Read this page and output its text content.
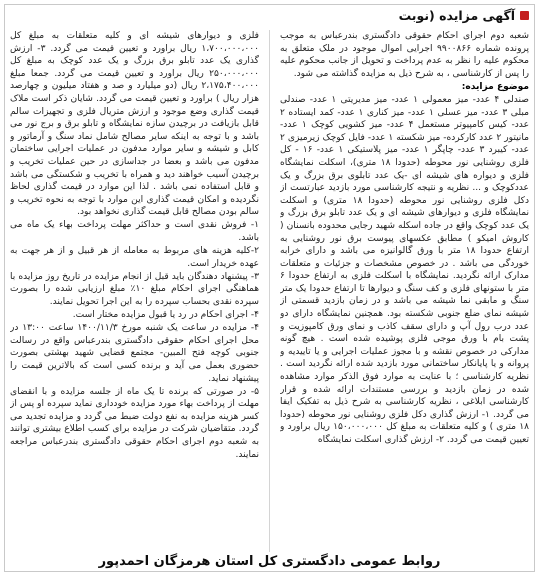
آگهی مزایده (نوبت

شعبه دوم اجرای احکام حقوقی دادگستری بندرعباس به موجب پرونده شماره ۹۹۰۰۸۶۶ اجرایی اموال موجود در ملک متعلق به محکوم علیه را نظر به عدم پرداخت و تحویل از جانب محکوم علیه را پس از کارشناسی ، به شرح ذیل به مزایده گذاشته می شود.

موضوع مزایده:

صندلی ۴ عدد- میز معمولی ۱ عدد- میز مدیریتی ۱ عدد- صندلی مبلی ۳ عدد- میز عسلی ۱ عدد- میز کناری ۱ عدد- کمد ایستاده ۲ عدد- کیس کامپیوتر مستعمل ۴ عدد- میز کشویی کوچک ۱ عدد- مانیتور ۲ عدد کارکرده- میز شکسته ۱ عدد- فایل کوچک زیرمیزی ۲ عدد- کیبرد ۳ عدد- چاپگر ۱ عدد- میز پلاستیکی ۱ عدد- ۱۶ - کل فلزی روشنایی نور محوطه (حدودا ۱۸ متری)، اسکلت نمایشگاه فلزی و دیواره های شیشه ای -یک عدد تابلوی برق بزرگ و یک عددکوچک و ... نظریه و نتیجه کارشناسی مورد بازدید عبارتست از دکل فلزی روشنایی نور محوطه (حدودا ۱۸ متری) و اسکلت نمایشگاه فلزی و دیوارهای شیشه ای و یک عدد تابلو برق بزرگ و یک عدد کوچک واقع در جاده اسکله شهید رجایی محدوده بانسنان ( کاروش امیکو ) مطابق عکسهای پیوست برق نور روشنایی به ارتفاع حدودا ۱۸ متر با ورق گالوانیزه می باشد و دارای خرابه خوردگی می باشد . در خصوص مشخصات و جزئیات و متعلقات مدارک ارائه نگردید. نمایشگاه با اسکلت فلزی به ارتفاع حدودا ۶ متر با ستونهای فلزی و کف سنگ و دیوارها تا ارتفاع حدودا یک متر سنگ و مابقی نما شیشه می باشد و در زمان بازدید قسمتی از شیشه نمای ضلع جنوبی شکسته بود. همچنین نمایشگاه دارای دو عدد درب رول آپ و دارای سقف کاذب و نمای ورق کامپوزیت و پشت بام با ورق موجی فلزی پوشیده شده است . هیچ گونه مدارکی در خصوص نقشه و با مجوز عملیات اجرایی و یا تاییدیه و پروانه و یا پایانکار ساختمانی مورد بازدید شده ارائه نگردید است . نظریه کارشناسی ؛ با عنایت به موارد فوق الذکر موارد مشاهده شده در زمان بازدید و بررسی مستندات ارائه شده و قرار کارشناسی ابلاغی ، نظریه کارشناسی به شرح ذیل به تفکیک ایفا می گردد. ۱- ارزش گذاری دکل فلزی روشنایی نور محوطه (حدودا ۱۸ متری ) و کلیه متعلقات به مبلغ کل ۱۵۰،۰۰۰،۰۰۰ ریال براورد و تعیین قیمت می گردد. ۲- ارزش گذاری اسکلت نمایشگاه

فلزی و دیوارهای شیشه ای و کلیه متعلقات به مبلغ کل ۱،۷۰۰،۰۰۰،۰۰۰ ریال براورد و تعیین قیمت می گردد. ۳- ارزش گذاری یک عدد تابلو برق بزرگ و یک عدد کوچک به مبلغ کل ۲۵۰،۰۰۰،۰۰۰ ریال براورد و تعیین قیمت می گردد. جمعا مبلغ ۲،۱۷۵،۴۰۰،۰۰۰ ریال (دو میلیارد و صد و هفتاد میلیون و چهارصد هزار ریال ) براورد و تعیین قیمت می گردد. شایان ذکر است ملاک قیمت گذاری وضع موجود و ارزش متریال فلزی و تجهیزات سالم قابل بازیافت در برچیدن سازه نمایشگاه و تابلو برق و برج نور می باشد و با توجه به اینکه سایر مصالح شامل نماد سنگ و آرماتور و کابل و شیشه و سایر موارد مدفون در عملیات اجرایی ساختمان مدفون می باشد و بعضا در جداسازی در حین عملیات تخریب و برچیدن آسیب خواهند دید و همراه با تخریب و شکستگی می باشد و قابل استفاده نمی باشد . لذا این موارد در قیمت گذاری لحاظ نگردیده و امکان قیمت گذاری این موارد با توجه به نحوه تخریب و سالم بودن مصالح قابل قیمت گذاری نخواهد بود.

۱- فروش نقدی است و حداکثر مهلت پرداخت بهاء یک ماه می باشد.

۲-کلیه هزینه های مربوط به معامله از هر قبیل و از هر جهت به عهده خریدار است.

۳- پیشنهاد دهندگان باید قبل از انجام مزایده در تاریخ روز مزایده با هماهنگی اجرای احکام مبلغ ۱۰٪ مبلغ ارزیابی شده را بصورت سپرده نقدی بحساب سپرده را به این اجرا تحویل نمایند.

۴- اجرای احکام در رد یا قبول مزایده مختار است.

۴- مزایده در ساعت یک شنبه مورخ ۱۴۰۰/۱۱/۳ ساعت ۱۳:۰۰ در محل اجرای احکام حقوقی دادگستری بندرعباس واقع در رسالت جنوبی کوچه فتح المبین- مجتمع قضایی شهید بهشتی بصورت حضوری بعمل می آید و برنده کسی است که بالاترین قیمت را پیشنهاد نماید.

۵- در صورتی که برنده تا یک ماه از جلسه مزایده و با انقضای مهلت از پرداخت بهاء مورد مزایده خودداری نماید سپرده او پس از کسر هزینه مزایده به نفع دولت ضبط می گردد و مزایده تجدید می گردد. متقاضیان شرکت در مزایده برای کسب اطلاع بیشتری توانند به شعبه دوم اجرای احکام حقوقی دادگستری بندرعباس مراجعه نمایند.

روابط عمومی دادگستری کل استان هرمزگان احمدپور
